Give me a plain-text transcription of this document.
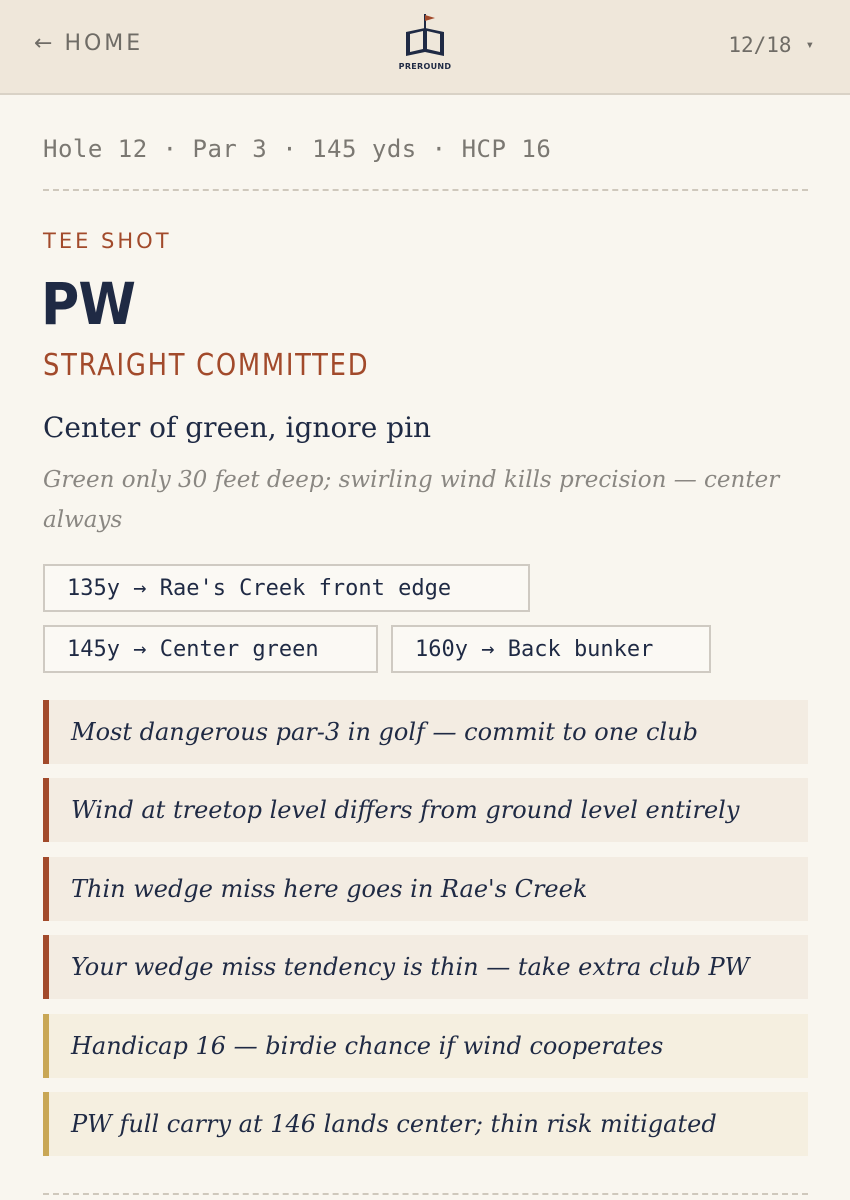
← HOME
PREROUND
12/18 ▾
Hole 12 · Par 3 · 145 yds · HCP 16
TEE SHOT
PW
STRAIGHT COMMITTED
Center of green, ignore pin
Green only 30 feet deep; swirling wind kills precision — center always
135y → Rae's Creek front edge
145y → Center green	160y → Back bunker
Most dangerous par-3 in golf — commit to one club
Wind at treetop level differs from ground level entirely
Thin wedge miss here goes in Rae's Creek
Your wedge miss tendency is thin — take extra club PW
Handicap 16 — birdie chance if wind cooperates
PW full carry at 146 lands center; thin risk mitigated
